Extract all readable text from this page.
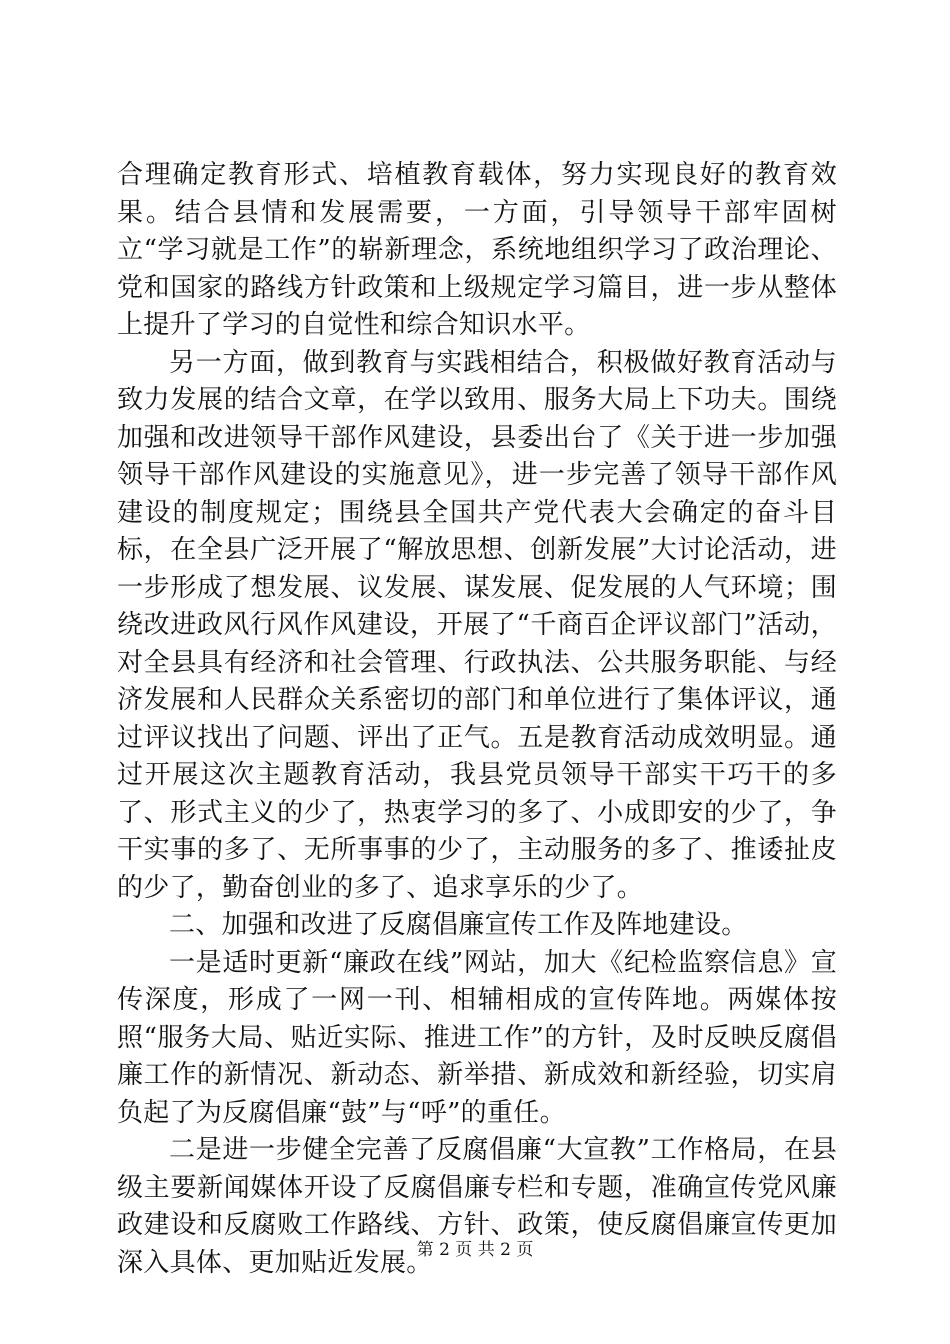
合理确定教育形式、培植教育载体，努力实现良好的教育效果。结合县情和发展需要，一方面，引导领导干部牢固树立“学习就是工作”的崭新理念，系统地组织学习了政治理论、党和国家的路线方针政策和上级规定学习篇目，进一步从整体上提升了学习的自觉性和综合知识水平。

另一方面，做到教育与实践相结合，积极做好教育活动与致力发展的结合文章，在学以致用、服务大局上下功夫。围绕加强和改进领导干部作风建设，县委出台了《关于进一步加强领导干部作风建设的实施意见》，进一步完善了领导干部作风建设的制度规定；围绕县全国共产党代表大会确定的奋斗目标，在全县广泛开展了“解放思想、创新发展”大讨论活动，进一步形成了想发展、议发展、谋发展、促发展的人气环境；围绕改进政风行风作风建设，开展了“千商百企评议部门”活动，对全县具有经济和社会管理、行政执法、公共服务职能、与经济发展和人民群众关系密切的部门和单位进行了集体评议，通过评议找出了问题、评出了正气。五是教育活动成效明显。通过开展这次主题教育活动，我县党员领导干部实干巧干的多了、形式主义的少了，热衷学习的多了、小成即安的少了，争干实事的多了、无所事事的少了，主动服务的多了、推诿扯皮的少了，勤奋创业的多了、追求享乐的少了。

二、加强和改进了反腐倡廉宣传工作及阵地建设。

一是适时更新“廉政在线”网站，加大《纪检监察信息》宣传深度，形成了一网一刊、相辅相成的宣传阵地。两媒体按照“服务大局、贴近实际、推进工作”的方针，及时反映反腐倡廉工作的新情况、新动态、新举措、新成效和新经验，切实肩负起了为反腐倡廉“鼓”与“呼”的重任。

二是进一步健全完善了反腐倡廉“大宣教”工作格局，在县级主要新闻媒体开设了反腐倡廉专栏和专题，准确宣传党风廉政建设和反腐败工作路线、方针、政策，使反腐倡廉宣传更加深入具体、更加贴近发展。

第 2 页 共 2 页
